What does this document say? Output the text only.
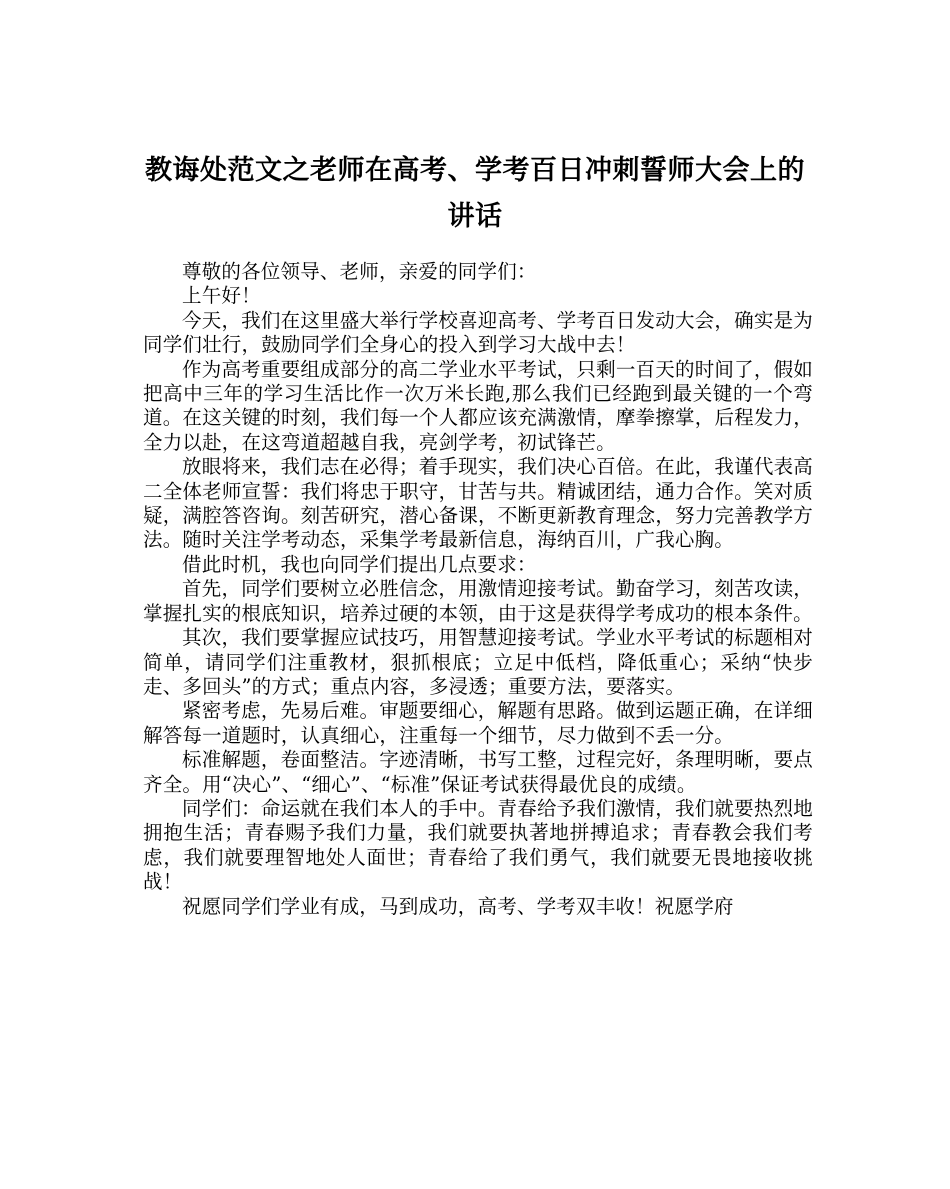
教诲处范文之老师在高考、学考百日冲刺誓师大会上的
讲话

尊敬的各位领导、老师，亲爱的同学们：

上午好！

今天，我们在这里盛大举行学校喜迎高考、学考百日发动大会，确实是为同学们壮行，鼓励同学们全身心的投入到学习大战中去！

作为高考重要组成部分的高二学业水平考试，只剩一百天的时间了，假如把高中三年的学习生活比作一次万米长跑,那么我们已经跑到最关键的一个弯道。在这关键的时刻，我们每一个人都应该充满激情，摩拳擦掌，后程发力，全力以赴，在这弯道超越自我，亮剑学考，初试锋芒。

放眼将来，我们志在必得；着手现实，我们决心百倍。在此，我谨代表高二全体老师宣誓：我们将忠于职守，甘苦与共。精诚团结，通力合作。笑对质疑，满腔答咨询。刻苦研究，潜心备课，不断更新教育理念，努力完善教学方法。随时关注学考动态，采集学考最新信息，海纳百川，广我心胸。

借此时机，我也向同学们提出几点要求：

首先，同学们要树立必胜信念，用激情迎接考试。勤奋学习，刻苦攻读，掌握扎实的根底知识，培养过硬的本领，由于这是获得学考成功的根本条件。

其次，我们要掌握应试技巧，用智慧迎接考试。学业水平考试的标题相对简单，请同学们注重教材，狠抓根底；立足中低档，降低重心；采纳“快步走、多回头”的方式；重点内容，多浸透；重要方法，要落实。

紧密考虑，先易后难。审题要细心，解题有思路。做到运题正确，在详细解答每一道题时，认真细心，注重每一个细节，尽力做到不丢一分。

标准解题，卷面整洁。字迹清晰，书写工整，过程完好，条理明晰，要点齐全。用“决心”、“细心”、“标准”保证考试获得最优良的成绩。

同学们：命运就在我们本人的手中。青春给予我们激情，我们就要热烈地拥抱生活；青春赐予我们力量，我们就要执著地拼搏追求；青春教会我们考虑，我们就要理智地处人面世；青春给了我们勇气，我们就要无畏地接收挑战！

祝愿同学们学业有成，马到成功，高考、学考双丰收！祝愿学府
